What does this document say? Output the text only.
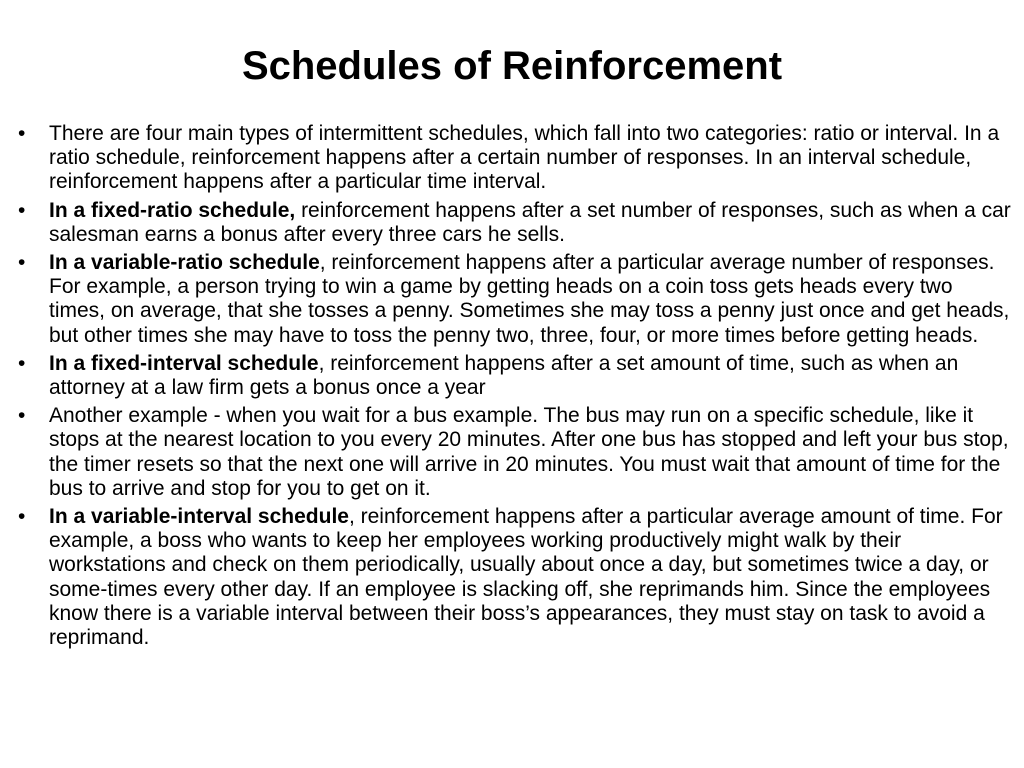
Schedules of Reinforcement
•	There are four main types of intermittent schedules, which fall into two categories: ratio or interval. In a ratio schedule, reinforcement happens after a certain number of responses. In an interval schedule, reinforcement happens after a particular time interval.
•	In a fixed-ratio schedule, reinforcement happens after a set number of responses, such as when a car salesman earns a bonus after every three cars he sells.
•	In a variable-ratio schedule, reinforcement happens after a particular average number of responses. For example, a person trying to win a game by getting heads on a coin toss gets heads every two times, on average, that she tosses a penny. Sometimes she may toss a penny just once and get heads, but other times she may have to toss the penny two, three, four, or more times before getting heads.
•	In a fixed-interval schedule, reinforcement happens after a set amount of time, such as when an attorney at a law firm gets a bonus once a year
•	Another example - when you wait for a bus example. The bus may run on a specific schedule, like it stops at the nearest location to you every 20 minutes. After one bus has stopped and left your bus stop, the timer resets so that the next one will arrive in 20 minutes. You must wait that amount of time for the bus to arrive and stop for you to get on it.
•	In a variable-interval schedule, reinforcement happens after a particular average amount of time. For example, a boss who wants to keep her employees working productively might walk by their workstations and check on them periodically, usually about once a day, but sometimes twice a day, or some-times every other day. If an employee is slacking off, she reprimands him. Since the employees know there is a variable interval between their boss’s appearances, they must stay on task to avoid a reprimand.
